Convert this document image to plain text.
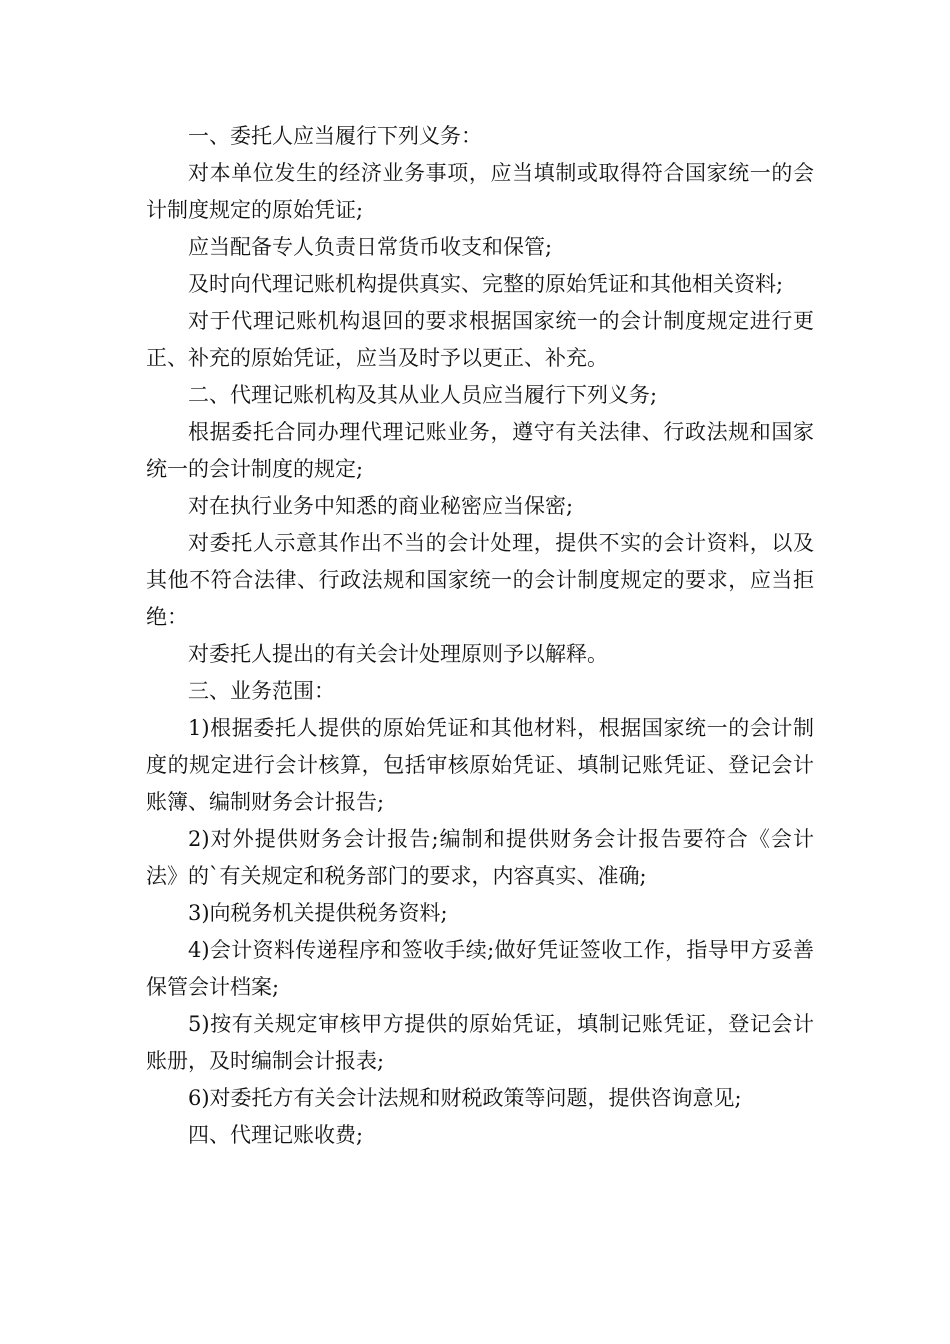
一、委托人应当履行下列义务：

对本单位发生的经济业务事项，应当填制或取得符合国家统一的会计制度规定的原始凭证;

应当配备专人负责日常货币收支和保管;

及时向代理记账机构提供真实、完整的原始凭证和其他相关资料;

对于代理记账机构退回的要求根据国家统一的会计制度规定进行更正、补充的原始凭证，应当及时予以更正、补充。

二、代理记账机构及其从业人员应当履行下列义务;

根据委托合同办理代理记账业务，遵守有关法律、行政法规和国家统一的会计制度的规定;

对在执行业务中知悉的商业秘密应当保密;

对委托人示意其作出不当的会计处理，提供不实的会计资料，以及其他不符合法律、行政法规和国家统一的会计制度规定的要求，应当拒绝：

对委托人提出的有关会计处理原则予以解释。

三、业务范围：

1)根据委托人提供的原始凭证和其他材料，根据国家统一的会计制度的规定进行会计核算，包括审核原始凭证、填制记账凭证、登记会计账簿、编制财务会计报告;

2)对外提供财务会计报告;编制和提供财务会计报告要符合《会计法》的`有关规定和税务部门的要求，内容真实、准确;

3)向税务机关提供税务资料;

4)会计资料传递程序和签收手续;做好凭证签收工作，指导甲方妥善保管会计档案;

5)按有关规定审核甲方提供的原始凭证，填制记账凭证，登记会计账册，及时编制会计报表;

6)对委托方有关会计法规和财税政策等问题，提供咨询意见;

四、代理记账收费;
